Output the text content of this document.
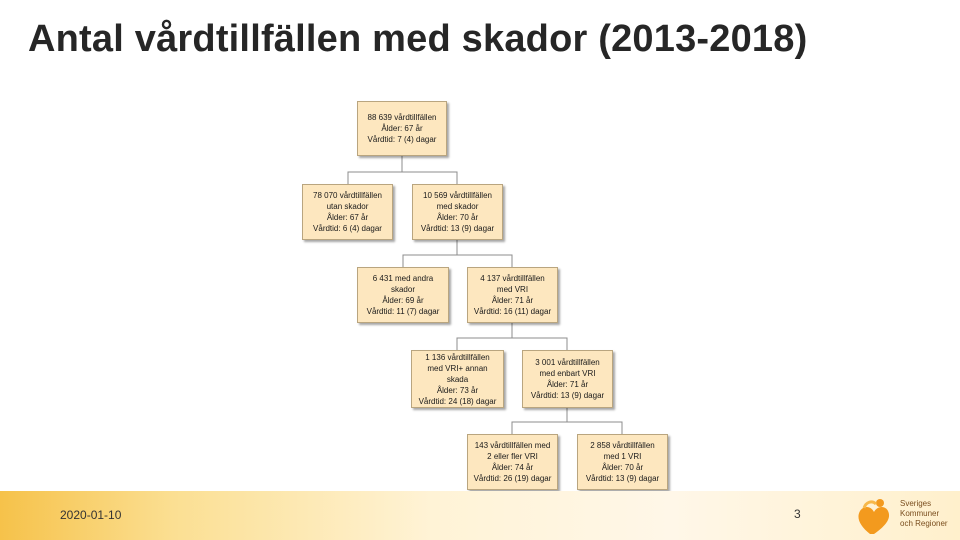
Antal vårdtillfällen med skador (2013-2018)
88 639 vårdtillfällen
Ålder: 67 år
Vårdtid: 7 (4) dagar
78 070 vårdtillfällen
utan skador
Ålder: 67 år
Vårdtid: 6 (4) dagar
10 569 vårdtillfällen
med skador
Ålder: 70 år
Vårdtid: 13 (9) dagar
6 431 med andra
skador
Ålder: 69 år
Vårdtid: 11 (7) dagar
4 137 vårdtillfällen
med VRI
Ålder: 71 år
Vårdtid: 16 (11) dagar
1 136 vårdtillfällen
med VRI+ annan
skada
Ålder: 73 år
Vårdtid: 24 (18) dagar
3 001 vårdtillfällen
med enbart VRI
Ålder: 71 år
Vårdtid: 13 (9) dagar
143 vårdtillfällen med
2 eller fler VRI
Ålder: 74 år
Vårdtid: 26 (19) dagar
2 858 vårdtillfällen
med 1 VRI
Ålder: 70 år
Vårdtid: 13 (9) dagar
2020-01-10	3
Sveriges
Kommuner
och Regioner
